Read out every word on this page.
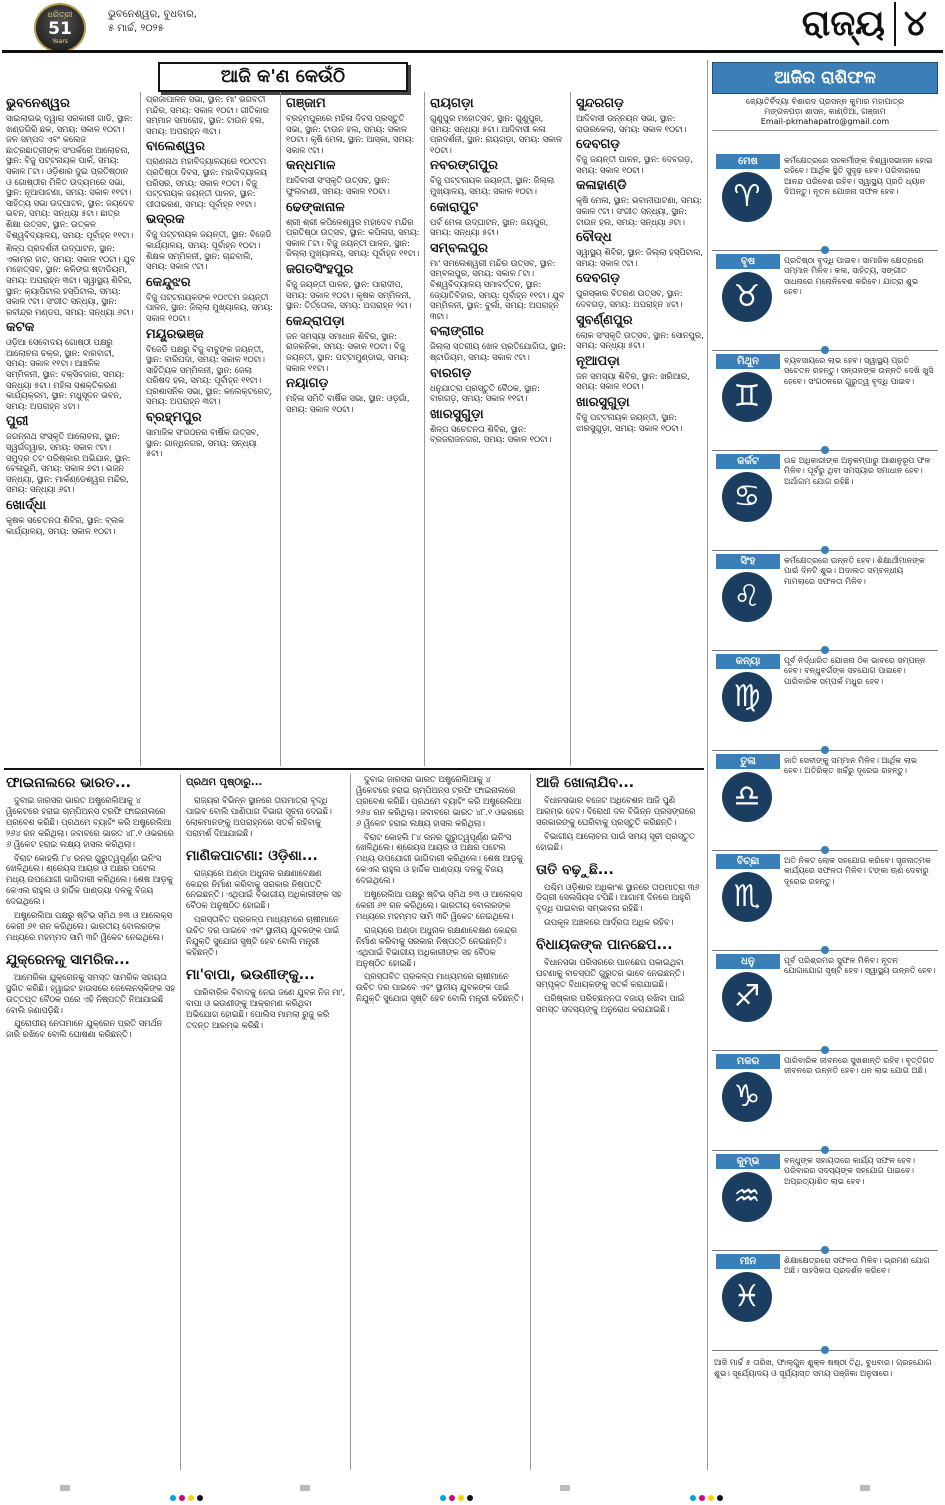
ଧରିତ୍ରୀ
51
Years
ଭୁବନେଶ୍ୱର, ବୁଧବାର,
୫ ମାର୍ଚ୍ଚ, ୨୦୨୫	ରାଜ୍ୟ ୪
ଆଜି କ'ଣ କେଉଁଠି
ଭୁବନେଶ୍ୱର

ସାଇଲାଇଭ୍ ଦ୍ୱାରା ସରକାରୀ ଗାଡି, ସ୍ଥାନ: ଖଣ୍ଡଗିରି ଛକ, ସମୟ: ସକାଳ ୧୦ଟା। ଜଳ ସମ୍ପଦ ଏବଂ କଲେଜ ଛାତ୍ରଛାତ୍ରୀଙ୍କ ସଂପର୍କରେ ଆଲୋଚନା, ସ୍ଥାନ: ବିଜୁ ପଟ୍ଟନାୟକ ପାର୍କ, ସମୟ: ସକାଳ ୮ଟା। ଓଡ଼ିଶାର ଦୁଇ ପ୍ରତିଷ୍ଠାନ ଓ ଗୋଷ୍ଠୀର ମିଳିତ ଉଦ୍ୟମରେ ସଭା, ସ୍ଥାନ: ନୂଆପାଟଣା, ସମୟ: ସକାଳ ୧୧ଟା। ସାହିତ୍ୟ ସଭା ଉଦ୍‌ଘାଟନ, ସ୍ଥାନ: ଜୟଦେବ ଭବନ, ସମୟ: ସନ୍ଧ୍ୟା ୫ଟା। ଛାତ୍ର ଶିକ୍ଷା ଉତ୍ସବ, ସ୍ଥାନ: ଉତ୍କଳ ବିଶ୍ୱବିଦ୍ୟାଳୟ, ସମୟ: ପୂର୍ବାହ୍ନ ୧୧ଟା।

ଶିଳ୍ପ ପ୍ରଦର୍ଶନୀ ଉଦ୍‌ଘାଟନ, ସ୍ଥାନ: ଏକାମ୍ର ହାଟ, ସମୟ: ସକାଳ ୧୦ଟା। ଯୁବ ମହୋତ୍ସବ, ସ୍ଥାନ: କଳିଙ୍ଗ ଷ୍ଟାଡିୟମ, ସମୟ: ଅପରାହ୍ନ ୩ଟା। ସ୍ୱାସ୍ଥ୍ୟ ଶିବିର, ସ୍ଥାନ: କ୍ୟାପିଟାଲ ହସ୍ପିଟାଲ, ସମୟ: ସକାଳ ୯ଟା। ସଂଗୀତ ସନ୍ଧ୍ୟା, ସ୍ଥାନ: ରବୀନ୍ଦ୍ର ମଣ୍ଡପ, ସମୟ: ସନ୍ଧ୍ୟା ୬ଟା।

କଟକ

ଓଡ଼ିଆ ସେବୋଦୟ ଗୋଷ୍ଠୀ ପକ୍ଷରୁ ଆଲୋଚନା ଚକ୍ର, ସ୍ଥାନ: ବାରବାଟୀ, ସମୟ: ସକାଳ ୧୧ଟା। ଆଞ୍ଚଳିକ ସମ୍ମିଳନୀ, ସ୍ଥାନ: ବକ୍‌ସିବଜାର, ସମୟ: ସନ୍ଧ୍ୟା ୫ଟା। ମହିଳା ସଶକ୍ତିକରଣ କାର୍ଯ୍ୟକ୍ରମ, ସ୍ଥାନ: ମଧୁସୂଦନ ଭବନ, ସମୟ: ଅପରାହ୍ନ ୪ଟା।

ପୁରୀ

ଜଗନ୍ନାଥ ସଂସ୍କୃତି ଆଲୋଚନା, ସ୍ଥାନ: ସ୍ୱର୍ଗଦ୍ୱାର, ସମୟ: ସକାଳ ୯ଟା। ସମୁଦ୍ର ତଟ ପରିଷ୍କାର ଅଭିଯାନ, ସ୍ଥାନ: ବେଳାଭୂମି, ସମୟ: ସକାଳ ୭ଟା। ଭଜନ ସନ୍ଧ୍ୟା, ସ୍ଥାନ: ମାର୍କଣ୍ଡେଶ୍ୱର ମନ୍ଦିର, ସମୟ: ସନ୍ଧ୍ୟା ୬ଟା।

ଖୋର୍ଦ୍ଧା

କୃଷକ ସଚେତନତା ଶିବିର, ସ୍ଥାନ: ବ୍ଲକ କାର୍ଯ୍ୟାଳୟ, ସମୟ: ସକାଳ ୧୦ଟା।

ପ୍ରଜାପାଳନ ସଭା, ସ୍ଥାନ: ମା' ଭଗବତୀ ମନ୍ଦିର, ସମୟ: ସକାଳ ୧୦ଟା। ଗୀତିକାର ସମ୍ମାନ ସମାରୋହ, ସ୍ଥାନ: ଟାଉନ ହଲ, ସମୟ: ଅପରାହ୍ନ ୩ଟା।

ବାଲେଶ୍ୱର

ପ୍ରାଣନାଥ ମହାବିଦ୍ୟାଳୟରେ ୧୦୯ତମ ପ୍ରତିଷ୍ଠା ଦିବସ, ସ୍ଥାନ: ମହାବିଦ୍ୟାଳୟ ପରିସର, ସମୟ: ସକାଳ ୧୦ଟା। ବିଜୁ ପଟ୍ଟନାୟକ ଜୟନ୍ତୀ ପାଳନ, ସ୍ଥାନ: ପୀତାଭରଣ, ସମୟ: ପୂର୍ବାହ୍ନ ୧୧ଟା।

ଭଦ୍ରକ

ବିଜୁ ପଟ୍ଟନାୟକ ଜୟନ୍ତୀ, ସ୍ଥାନ: ବିଜେଡି କାର୍ଯ୍ୟାଳୟ, ସମୟ: ପୂର୍ବାହ୍ନ ୧୦ଟା। ଶିକ୍ଷକ ସମ୍ମିଳନୀ, ସ୍ଥାନ: ଚାନ୍ଦବାଲି, ସମୟ: ସକାଳ ୯ଟା।

କେନ୍ଦୁଝର

ବିଜୁ ପଟ୍ଟନାୟକଙ୍କ ୧୦୯ତମ ଜୟନ୍ତୀ ପାଳନ, ସ୍ଥାନ: ଜିଲ୍ଲା ମୁଖ୍ୟାଳୟ, ସମୟ: ସକାଳ ୧୦ଟା।

ମୟୂରଭଞ୍ଜ

ବିଜେଡି ପକ୍ଷରୁ ବିଜୁ ବାବୁଙ୍କ ଜୟନ୍ତୀ, ସ୍ଥାନ: ବାରିପଦା, ସମୟ: ସକାଳ ୧୦ଟା। ସାହିତ୍ୟିକ ସମ୍ମିଳନୀ, ସ୍ଥାନ: ଜେଲା ପରିଷଦ ହଲ, ସମୟ: ପୂର୍ବାହ୍ନ ୧୧ଟା। ପ୍ରଶାସନିକ ସଭା, ସ୍ଥାନ: କଲେକ୍ଟରେଟ୍, ସମୟ: ଅପରାହ୍ନ ୩ଟା।

ବ୍ରହ୍ମପୁର

ସାମାଜିକ ସଂଗଠନର ବାର୍ଷିକ ଉତ୍ସବ, ସ୍ଥାନ: ଗାନ୍ଧିନଗର, ସମୟ: ସନ୍ଧ୍ୟା ୫ଟା।

ଗଞ୍ଜାମ

ବ୍ରହ୍ମପୁରରେ ମହିଳା ଦିବସ ପ୍ରସ୍ତୁତି ସଭା, ସ୍ଥାନ: ଟାଉନ ହଲ, ସମୟ: ସକାଳ ୧୦ଟା। କୃଷି ମେଳା, ସ୍ଥାନ: ଆସ୍କା, ସମୟ: ସକାଳ ୯ଟା।

କନ୍ଧମାଳ

ଆଦିବାସୀ ସଂସ୍କୃତି ଉତ୍ସବ, ସ୍ଥାନ: ଫୁଲବାଣୀ, ସମୟ: ସକାଳ ୧୦ଟା।

ଢେଙ୍କାନାଳ

ଶ୍ରୀ ଶ୍ରୀ କପିଳେଶ୍ୱର ମହାଦେବ ମନ୍ଦିର ପ୍ରତିଷ୍ଠା ଉତ୍ସବ, ସ୍ଥାନ: କପିଳାସ, ସମୟ: ସକାଳ ୮ଟା। ବିଜୁ ଜୟନ୍ତୀ ପାଳନ, ସ୍ଥାନ: ଜିଲ୍ଲା ମୁଖ୍ୟାଳୟ, ସମୟ: ପୂର୍ବାହ୍ନ ୧୧ଟା।

ଜଗତସିଂହପୁର

ବିଜୁ ଜୟନ୍ତୀ ପାଳନ, ସ୍ଥାନ: ପାରାଦୀପ, ସମୟ: ସକାଳ ୧୦ଟା। କୃଷକ ସମ୍ମିଳନୀ, ସ୍ଥାନ: ତିର୍ତ୍ତୋଲ, ସମୟ: ଅପରାହ୍ନ ୨ଟା।

କେନ୍ଦ୍ରାପଡ଼ା

ଜନ ସମସ୍ୟା ସମାଧାନ ଶିବିର, ସ୍ଥାନ: ରାଜକନିକା, ସମୟ: ସକାଳ ୧୦ଟା। ବିଜୁ ଜୟନ୍ତୀ, ସ୍ଥାନ: ପଟ୍ଟାମୁଣ୍ଡାଇ, ସମୟ: ସକାଳ ୧୧ଟା।

ନୟାଗଡ଼

ମହିଳା ସମିତି ବାର୍ଷିକ ସଭା, ସ୍ଥାନ: ଓଡ଼ଗାଁ, ସମୟ: ସକାଳ ୧୦ଟା।

ରାୟଗଡ଼ା

ଗୁଣୁପୁର ମହୋତ୍ସବ, ସ୍ଥାନ: ଗୁଣୁପୁର, ସମୟ: ସନ୍ଧ୍ୟା ୫ଟା। ଆଦିବାସୀ କଳା ପ୍ରଦର୍ଶନୀ, ସ୍ଥାନ: ରାୟଗଡ଼ା, ସମୟ: ସକାଳ ୧୦ଟା।

ନବରଙ୍ଗପୁର

ବିଜୁ ପଟ୍ଟନାୟକ ଜୟନ୍ତୀ, ସ୍ଥାନ: ଜିଲ୍ଲା ମୁଖ୍ୟାଳୟ, ସମୟ: ସକାଳ ୧୦ଟା।

କୋରାପୁଟ

ପର୍ବ ମେଳା ଉଦ୍‌ଘାଟନ, ସ୍ଥାନ: ଜୟପୁର, ସମୟ: ସନ୍ଧ୍ୟା ୫ଟା।

ସମ୍ବଲପୁର

ମା' ସମଲେଶ୍ୱରୀ ମନ୍ଦିର ଉତ୍ସବ, ସ୍ଥାନ: ସମ୍ବଲପୁର, ସମୟ: ସକାଳ ୮ଟା। ବିଶ୍ୱବିଦ୍ୟାଳୟ ସମାବର୍ତ୍ତନ, ସ୍ଥାନ: ଜ୍ୟୋତିବିହାର, ସମୟ: ପୂର୍ବାହ୍ନ ୧୧ଟା। ଯୁବ ସମ୍ମିଳନୀ, ସ୍ଥାନ: ବୁର୍ଲା, ସମୟ: ଅପରାହ୍ନ ୩ଟା।

ବଲାଙ୍ଗୀର

ଜିଲ୍ଲା ସ୍ତରୀୟ ଖେଳ ପ୍ରତିଯୋଗିତା, ସ୍ଥାନ: ଷ୍ଟାଡିୟମ, ସମୟ: ସକାଳ ୯ଟା।

ବାରଗଡ଼

ଧନୁଯାତ୍ରା ପ୍ରସ୍ତୁତି ବୈଠକ, ସ୍ଥାନ: ବାରଗଡ଼, ସମୟ: ସକାଳ ୧୧ଟା।

ଖାରସୁଗୁଡ଼ା

ଶିଳ୍ପ ସଚେତନତା ଶିବିର, ସ୍ଥାନ: ବ୍ରଜରାଜନଗର, ସମୟ: ସକାଳ ୧୦ଟା।

ସୁନ୍ଦରଗଡ଼

ଆଦିବାସୀ ଉନ୍ନୟନ ସଭା, ସ୍ଥାନ: ରାଉରକେଲା, ସମୟ: ସକାଳ ୧୦ଟା।

ଦେବଗଡ଼

ବିଜୁ ଜୟନ୍ତୀ ପାଳନ, ସ୍ଥାନ: ଦେବଗଡ଼, ସମୟ: ସକାଳ ୧୦ଟା।

କଳାହାଣ୍ଡି

କୃଷି ମେଳା, ସ୍ଥାନ: ଭବାନୀପାଟଣା, ସମୟ: ସକାଳ ୯ଟା। ସଂଗୀତ ସନ୍ଧ୍ୟା, ସ୍ଥାନ: ଟାଉନ ହଲ, ସମୟ: ସନ୍ଧ୍ୟା ୬ଟା।

ବୌଦ୍ଧ

ସ୍ୱାସ୍ଥ୍ୟ ଶିବିର, ସ୍ଥାନ: ଜିଲ୍ଲା ହସ୍ପିଟାଲ, ସମୟ: ସକାଳ ୯ଟା।

ଦେବଗଡ଼

ପୁରସ୍କାର ବିତରଣ ଉତ୍ସବ, ସ୍ଥାନ: ଦେବଗଡ଼, ସମୟ: ଅପରାହ୍ନ ୪ଟା।

ସୁବର୍ଣ୍ଣପୁର

ଲୋକ ସଂସ୍କୃତି ଉତ୍ସବ, ସ୍ଥାନ: ସୋନପୁର, ସମୟ: ସନ୍ଧ୍ୟା ୫ଟା।

ନୂଆପଡ଼ା

ଜନ ସମସ୍ୟା ଶିବିର, ସ୍ଥାନ: ଖରିଆର, ସମୟ: ସକାଳ ୧୦ଟା।

ଖାରସୁଗୁଡ଼ା

ବିଜୁ ପଟ୍ଟନାୟକ ଜୟନ୍ତୀ, ସ୍ଥାନ: ଝାରସୁଗୁଡ଼ା, ସମୟ: ସକାଳ ୧୦ଟା।

ଫାଇନାଲରେ ଭାରତ...

ଦୁବାଇ ଜାରସର ଭାରତ ଅଷ୍ଟ୍ରେଲିଆକୁ ୪ ୱିକେଟରେ ହରାଇ ଚାମ୍ପିଅନ୍‌ସ ଟ୍ରଫି ଫାଇନାଲରେ ପ୍ରବେଶ କରିଛି। ପ୍ରଥମେ ବ୍ୟାଟିଂ କରି ଅଷ୍ଟ୍ରେଲିଆ ୨୬୪ ରନ କରିଥିଲା। ଜବାବରେ ଭାରତ ୪୮.୧ ଓଭରରେ ୬ ୱିକେଟ ହରାଇ ଲକ୍ଷ୍ୟ ହାସଲ କରିଥିଲା।

ବିରାଟ କୋହଲି ୮୪ ରନର ଗୁରୁତ୍ୱପୂର୍ଣ୍ଣ ଇନିଂସ ଖେଳିଥିଲେ। ଶ୍ରେୟସ ଆୟର ଓ ଅକ୍ଷର ପଟେଲ ମଧ୍ୟ ଉପଯୋଗୀ ଭାଗିଦାରୀ କରିଥିଲେ। ଶେଷ ଆଡ଼କୁ କେଏଲ ରାହୁଲ ଓ ହାର୍ଦ୍ଦିକ ପାଣ୍ଡ୍ୟା ଦଳକୁ ବିଜୟ ଦେଇଥିଲେ।

ଅଷ୍ଟ୍ରେଲିଆ ପକ୍ଷରୁ ଷ୍ଟିଭ ସ୍ମିଥ ୭୩ ଓ ଆଲେକ୍ସ କେରୀ ୬୧ ରନ କରିଥିଲେ। ଭାରତୀୟ ବୋଲରଙ୍କ ମଧ୍ୟରେ ମହମ୍ମଦ ସାମି ୩ଟି ୱିକେଟ ନେଇଥିଲେ।

ଯୁକ୍ରେନକୁ ସାମରିକ...

ଆମେରିକା ଯୁକ୍ରେନକୁ ସମସ୍ତ ସାମରିକ ସହାୟତା ସ୍ଥଗିତ କରିଛି। ହ୍ୱାଇଟ ହାଉସରେ ଜେଲେନସ୍କିଙ୍କ ସହ ଉତ୍ତପ୍ତ ବୈଠକ ପରେ ଏହି ନିଷ୍ପତ୍ତି ନିଆଯାଇଛି ବୋଲି ଜଣାପଡ଼ିଛି।

ଯୁରୋପୀୟ ନେତାମାନେ ଯୁକ୍ରେନ ପ୍ରତି ସମର୍ଥନ ଜାରି ରଖିବେ ବୋଲି ଘୋଷଣା କରିଛନ୍ତି।

ପ୍ରଥମ ପୃଷ୍ଠାରୁ...

ରାଜ୍ୟର ବିଭିନ୍ନ ସ୍ଥାନରେ ତାପମାତ୍ରା ବୃଦ୍ଧି ପାଇବ ବୋଲି ପାଣିପାଗ ବିଭାଗ ସୂଚନା ଦେଇଛି। ଲୋକମାନଙ୍କୁ ଅପରାହ୍ନରେ ସତର୍କ ରହିବାକୁ ପରାମର୍ଶ ଦିଆଯାଇଛି।

ମାଣିକପାଟଣା: ଓଡ଼ିଶା...

ରାଜ୍ୟରେ ଅଣ୍ଡା ଅଧୁନାକ ରକ୍ଷଣାବେକ୍ଷଣ କେନ୍ଦ୍ର ନିର୍ମାଣ କରିବାକୁ ସରକାର ନିଷ୍ପତ୍ତି ନେଇଛନ୍ତି। ଏଥିପାଇଁ ବିଭାଗୀୟ ଅଧିକାରୀଙ୍କ ସହ ବୈଠକ ଅନୁଷ୍ଠିତ ହୋଇଛି।

ପ୍ରସ୍ତାବିତ ପ୍ରକଳ୍ପ ମାଧ୍ୟମରେ ଚାଷୀମାନେ ଉଚିତ ଦର ପାଇବେ ଏବଂ ସ୍ଥାନୀୟ ଯୁବକଙ୍କ ପାଇଁ ନିଯୁକ୍ତି ସୁଯୋଗ ସୃଷ୍ଟି ହେବ ବୋଲି ମନ୍ତ୍ରୀ କହିଛନ୍ତି।

ମା'ବାପା, ଭଉଣୀଙ୍କୁ...

ପାରିବାରିକ ବିବାଦକୁ ନେଇ ଜଣେ ଯୁବକ ନିଜ ମା', ବାପା ଓ ଭଉଣୀଙ୍କୁ ଆକ୍ରମଣ କରିଥିବା ଅଭିଯୋଗ ହୋଇଛି। ପୋଲିସ ମାମଲା ରୁଜୁ କରି ତଦନ୍ତ ଆରମ୍ଭ କରିଛି।

ଦୁବାଇ ଜାରସର ଭାରତ ଅଷ୍ଟ୍ରେଲିଆକୁ ୪ ୱିକେଟରେ ହରାଇ ଚାମ୍ପିଅନ୍‌ସ ଟ୍ରଫି ଫାଇନାଲରେ ପ୍ରବେଶ କରିଛି। ପ୍ରଥମେ ବ୍ୟାଟିଂ କରି ଅଷ୍ଟ୍ରେଲିଆ ୨୬୪ ରନ କରିଥିଲା। ଜବାବରେ ଭାରତ ୪୮.୧ ଓଭରରେ ୬ ୱିକେଟ ହରାଇ ଲକ୍ଷ୍ୟ ହାସଲ କରିଥିଲା।

ବିରାଟ କୋହଲି ୮୪ ରନର ଗୁରୁତ୍ୱପୂର୍ଣ୍ଣ ଇନିଂସ ଖେଳିଥିଲେ। ଶ୍ରେୟସ ଆୟର ଓ ଅକ୍ଷର ପଟେଲ ମଧ୍ୟ ଉପଯୋଗୀ ଭାଗିଦାରୀ କରିଥିଲେ। ଶେଷ ଆଡ଼କୁ କେଏଲ ରାହୁଲ ଓ ହାର୍ଦ୍ଦିକ ପାଣ୍ଡ୍ୟା ଦଳକୁ ବିଜୟ ଦେଇଥିଲେ।

ଅଷ୍ଟ୍ରେଲିଆ ପକ୍ଷରୁ ଷ୍ଟିଭ ସ୍ମିଥ ୭୩ ଓ ଆଲେକ୍ସ କେରୀ ୬୧ ରନ କରିଥିଲେ। ଭାରତୀୟ ବୋଲରଙ୍କ ମଧ୍ୟରେ ମହମ୍ମଦ ସାମି ୩ଟି ୱିକେଟ ନେଇଥିଲେ।

ରାଜ୍ୟରେ ଅଣ୍ଡା ଅଧୁନାକ ରକ୍ଷଣାବେକ୍ଷଣ କେନ୍ଦ୍ର ନିର୍ମାଣ କରିବାକୁ ସରକାର ନିଷ୍ପତ୍ତି ନେଇଛନ୍ତି। ଏଥିପାଇଁ ବିଭାଗୀୟ ଅଧିକାରୀଙ୍କ ସହ ବୈଠକ ଅନୁଷ୍ଠିତ ହୋଇଛି।

ପ୍ରସ୍ତାବିତ ପ୍ରକଳ୍ପ ମାଧ୍ୟମରେ ଚାଷୀମାନେ ଉଚିତ ଦର ପାଇବେ ଏବଂ ସ୍ଥାନୀୟ ଯୁବକଙ୍କ ପାଇଁ ନିଯୁକ୍ତି ସୁଯୋଗ ସୃଷ୍ଟି ହେବ ବୋଲି ମନ୍ତ୍ରୀ କହିଛନ୍ତି।

ଆଜି ଖୋଲାଯିବ...

ବିଧାନସଭାର ବଜେଟ ଅଧିବେଶନ ଆଜି ପୁଣି ଆରମ୍ଭ ହେବ। ବିରୋଧୀ ଦଳ ବିଭିନ୍ନ ପ୍ରସଙ୍ଗରେ ସରକାରଙ୍କୁ ଘେରିବାକୁ ପ୍ରସ୍ତୁତି କରିଛନ୍ତି।

ବିଭାଗୀୟ ଆଲୋଚନା ପାଇଁ ସମୟ ସୂଚୀ ପ୍ରସ୍ତୁତ ହୋଇଛି।

ତାତି ବଢ଼ୁଛି...

ପଶ୍ଚିମ ଓଡ଼ିଶାର ଅଧିକାଂଶ ସ୍ଥାନରେ ତାପମାତ୍ରା ୩୬ ଡିଗ୍ରୀ ସେଲସିୟସ ଟପିଛି। ଆଗାମୀ ଦିନରେ ଆହୁରି ବୃଦ୍ଧି ପାଇବାର ସମ୍ଭାବନା ରହିଛି।

ଉପକୂଳ ଅଞ୍ଚଳରେ ଆର୍ଦ୍ରତା ଅଧିକ ରହିବ।

ବିଧାୟକଙ୍କ ପାନଛେପ...

ବିଧାନସଭା ପରିସରରେ ପାନଛେପ ପକାଇଥିବା ଘଟଣାକୁ ବାଚସ୍ପତି ଗୁରୁତର ଭାବେ ନେଇଛନ୍ତି। ସମ୍ପୃକ୍ତ ବିଧାୟକଙ୍କୁ ସତର୍କ କରାଯାଇଛି।

ପରିଷ୍କାର ପରିଚ୍ଛନ୍ନତା ବଜାୟ ରଖିବା ପାଇଁ ସମସ୍ତ ସଦସ୍ୟଙ୍କୁ ଅନୁରୋଧ କରାଯାଇଛି।

ଆଜିର ରାଶିଫଳ
ଜ୍ୟୋତିର୍ବିଦ୍ୟା ବିଶାରଦ ପ୍ରସନ୍ନ କୁମାର ମହାପାତ୍ର
ମଙ୍ଗଳପଡ଼ା ଶାସନ, କାଣ୍ଡିଆ, ଗଞ୍ଜାମ
Email-pkmahapatro@gmail.com
ମେଷ
♈
କର୍ମକ୍ଷେତ୍ରରେ ସହକର୍ମୀଙ୍କ ବିଶ୍ୱାସଭାଜନ ହୋଇ ରହିବେ। ଆର୍ଥିକ ସ୍ଥିତି ସୁଦୃଢ଼ ହେବ। ପରିବାରରେ ଆନନ୍ଦ ପରିବେଶ ରହିବ। ସ୍ୱାସ୍ଥ୍ୟ ପ୍ରତି ଧ୍ୟାନ ଦିଅନ୍ତୁ। ନୂତନ ଯୋଜନା ସଫଳ ହେବ।
ବୃଷ
♉
ପ୍ରତିଷ୍ଠା ବୃଦ୍ଧି ପାଇବ। ସାମାଜିକ କ୍ଷେତ୍ରରେ ସମ୍ମାନ ମିଳିବ। କଳା, ସାହିତ୍ୟ, ସଙ୍ଗୀତ ସାଧନାରେ ମନୋନିବେଶ କରିବେ। ଯାତ୍ରା ଶୁଭ ହେବ।
ମିଥୁନ
♊
ବ୍ୟବସାୟରେ ଲାଭ ହେବ। ସ୍ୱାସ୍ଥ୍ୟ ପ୍ରତି ସଚେତନ ରହନ୍ତୁ। ସନ୍ତାନଙ୍କ ଉନ୍ନତି ଦେଖି ଖୁସି ହେବେ। ସଂଗଠନରେ ଗୁରୁତ୍ୱ ବୃଦ୍ଧି ପାଇବ।
କର୍କଟ
♋
ଉଚ୍ଚ ଅଧିକାରୀଙ୍କ ଅନୁକମ୍ପାରୁ ଆଶାନୁରୂପ ଫଳ ମିଳିବ। ପୂର୍ବରୁ ଥିବା ସମସ୍ୟାର ସମାଧାନ ହେବ। ଅର୍ଥାଗମ ଯୋଗ ରହିଛି।
ସିଂହ
♌
କର୍ମକ୍ଷେତ୍ରରେ ଉନ୍ନତି ହେବ। ଶିକ୍ଷାର୍ଥୀମାନଙ୍କ ପାଇଁ ଦିନଟି ଶୁଭ। ଅଦାଲତ ସମ୍ବନ୍ଧୀୟ ମାମଲାରେ ସଫଳତା ମିଳିବ।
କନ୍ୟା
♍
ପୂର୍ବ ନିର୍ଦ୍ଧାରିତ ଯୋଜନା ଠିକ ଭାବରେ ସମ୍ପନ୍ନ ହେବ। ବନ୍ଧୁବର୍ଗଙ୍କ ସହଯୋଗ ପାଇବେ। ପାରିବାରିକ ସମ୍ପର୍କ ମଧୁର ହେବ।
ତୁଳା
♎
ଜାତି ସେବୀଙ୍କୁ ସମ୍ମାନ ମିଳିବ। ଆର୍ଥିକ ଲାଭ ହେବ। ଅତିରିକ୍ତ ଖର୍ଚ୍ଚରୁ ଦୂରେଇ ରହନ୍ତୁ।
ବିଚ୍ଛା
♏
ଅତି ନିକଟ ଲୋକ ସହଯୋଗ କରିବେ। ସୃଜନାତ୍ମକ କାର୍ଯ୍ୟରେ ସଫଳତା ମିଳିବ। ଟଙ୍କା ଋଣ ଦେବାରୁ ଦୂରେଇ ରହନ୍ତୁ।
ଧନୁ
♐
ପୂର୍ବ ପରିଶ୍ରମର ସୁଫଳ ମିଳିବ। ନୂତନ ଯୋଗାଯୋଗ ସୃଷ୍ଟି ହେବ। ସ୍ୱାସ୍ଥ୍ୟ ଉନ୍ନତି ହେବ।
ମକର
♑
ପାରିବାରିକ ଜୀବନରେ ସୁଖଶାନ୍ତି ରହିବ। ବୃତ୍ତିଗତ ଜୀବନରେ ଉନ୍ନତି ହେବ। ଧନ ଲାଭ ଯୋଗ ଅଛି।
କୁମ୍ଭ
♒
ବନ୍ଧୁଙ୍କ ସହାୟତାରେ କାର୍ଯ୍ୟ ସଫଳ ହେବ। ପରିବାରର ସଦସ୍ୟଙ୍କ ସହଯୋଗ ପାଇବେ। ଅପ୍ରତ୍ୟାଶିତ ଲାଭ ହେବ।
ମୀନ
♓
ଶିକ୍ଷାକ୍ଷେତ୍ରରେ ସଫଳତା ମିଳିବ। ଭ୍ରମଣ ଯୋଗ ଅଛି। ସାହସିକତା ପ୍ରଦର୍ଶନ କରିବେ।
ଆଜି ମାର୍ଚ୍ଚ ୫ ତାରିଖ, ଫାଲ୍ଗୁନ ଶୁକ୍ଳ ଷଷ୍ଠୀ ତିଥି, ବୁଧବାର। ଗ୍ରହଯୋଗ ଶୁଭ। ସୂର୍ଯ୍ୟୋଦୟ ଓ ସୂର୍ଯ୍ୟାସ୍ତ ସମୟ ପଞ୍ଜିକା ଅନୁସାରେ।
